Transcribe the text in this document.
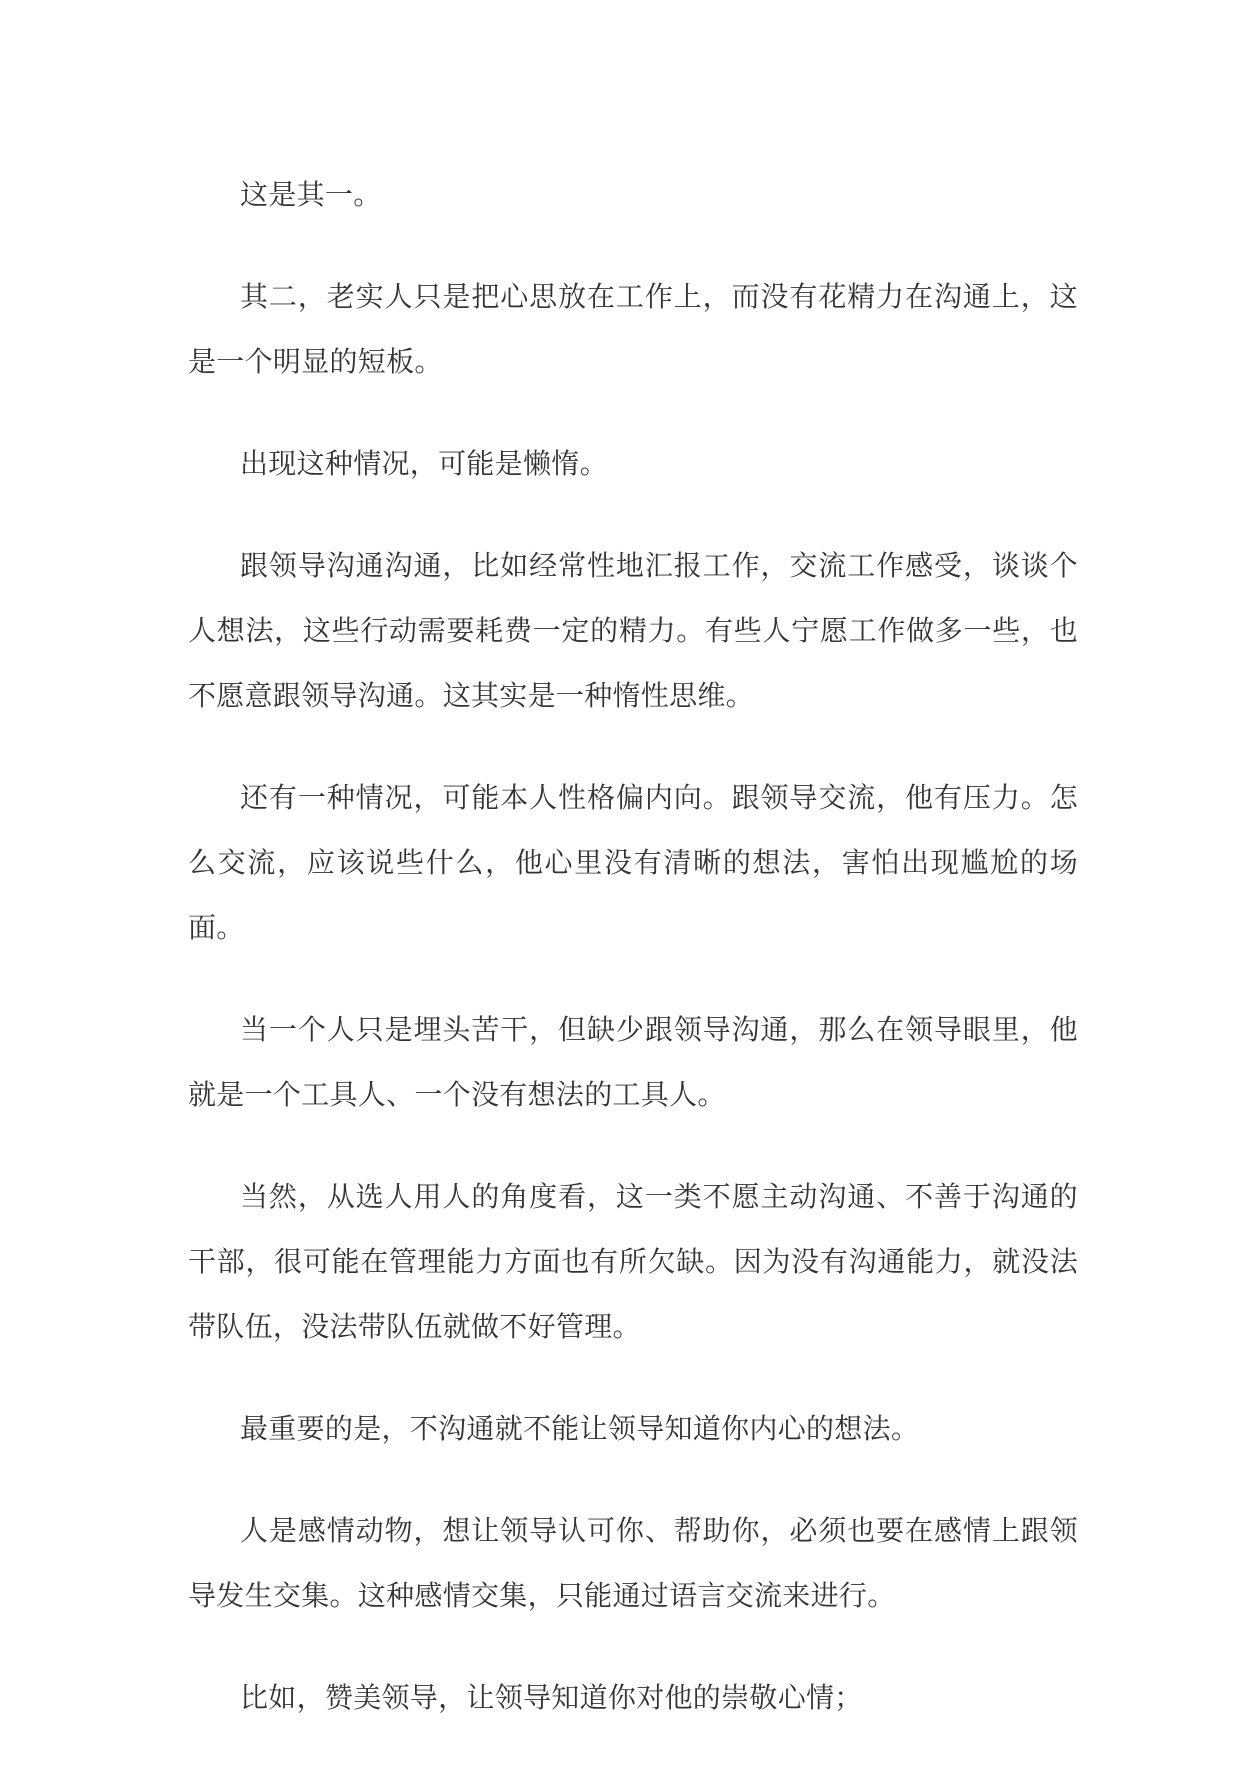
这是其一。

其二，老实人只是把心思放在工作上，而没有花精力在沟通上，这是一个明显的短板。

出现这种情况，可能是懒惰。

跟领导沟通沟通，比如经常性地汇报工作，交流工作感受，谈谈个人想法，这些行动需要耗费一定的精力。有些人宁愿工作做多一些，也不愿意跟领导沟通。这其实是一种惰性思维。

还有一种情况，可能本人性格偏内向。跟领导交流，他有压力。怎么交流，应该说些什么，他心里没有清晰的想法，害怕出现尴尬的场面。

当一个人只是埋头苦干，但缺少跟领导沟通，那么在领导眼里，他就是一个工具人、一个没有想法的工具人。

当然，从选人用人的角度看，这一类不愿主动沟通、不善于沟通的干部，很可能在管理能力方面也有所欠缺。因为没有沟通能力，就没法带队伍，没法带队伍就做不好管理。

最重要的是，不沟通就不能让领导知道你内心的想法。

人是感情动物，想让领导认可你、帮助你，必须也要在感情上跟领导发生交集。这种感情交集，只能通过语言交流来进行。

比如，赞美领导，让领导知道你对他的崇敬心情；
